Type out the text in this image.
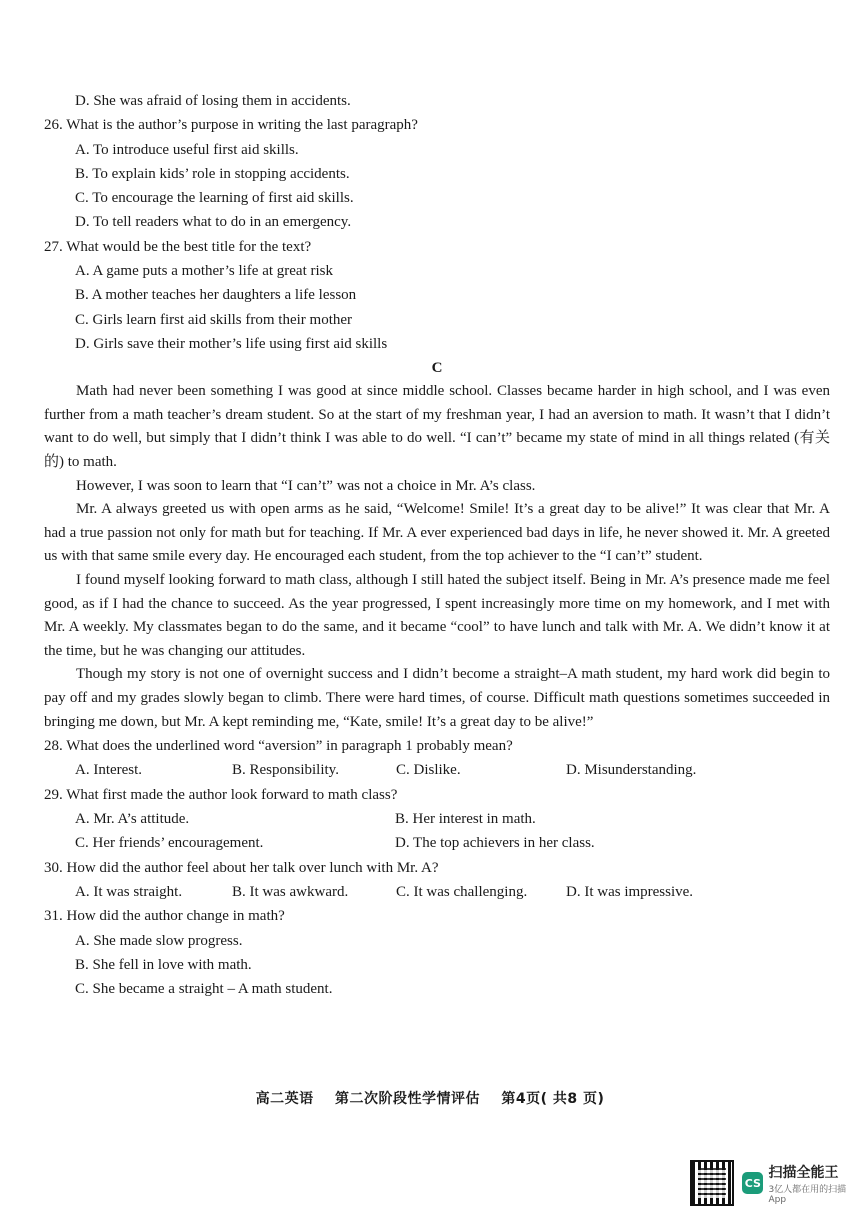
D. She was afraid of losing them in accidents.
26. What is the author’s purpose in writing the last paragraph?
A. To introduce useful first aid skills.
B. To explain kids’ role in stopping accidents.
C. To encourage the learning of first aid skills.
D. To tell readers what to do in an emergency.
27. What would be the best title for the text?
A. A game puts a mother’s life at great risk
B. A mother teaches her daughters a life lesson
C. Girls learn first aid skills from their mother
D. Girls save their mother’s life using first aid skills
C

Math had never been something I was good at since middle school. Classes became harder in high school, and I was even further from a math teacher’s dream student. So at the start of my freshman year, I had an aversion to math. It wasn’t that I didn’t want to do well, but simply that I didn’t think I was able to do well. “I can’t” became my state of mind in all things related (有关的) to math.

However, I was soon to learn that “I can’t” was not a choice in Mr. A’s class.

Mr. A always greeted us with open arms as he said, “Welcome! Smile! It’s a great day to be alive!” It was clear that Mr. A had a true passion not only for math but for teaching. If Mr. A ever experienced bad days in life, he never showed it. Mr. A greeted us with that same smile every day. He encouraged each student, from the top achiever to the “I can’t” student.

I found myself looking forward to math class, although I still hated the subject itself. Being in Mr. A’s presence made me feel good, as if I had the chance to succeed. As the year progressed, I spent increasingly more time on my homework, and I met with Mr. A weekly. My classmates began to do the same, and it became “cool” to have lunch and talk with Mr. A. We didn’t know it at the time, but he was changing our attitudes.

Though my story is not one of overnight success and I didn’t become a straight–A math student, my hard work did begin to pay off and my grades slowly began to climb. There were hard times, of course. Difficult math questions sometimes succeeded in bringing me down, but Mr. A kept reminding me, “Kate, smile! It’s a great day to be alive!”

28. What does the underlined word “aversion” in paragraph 1 probably mean?
A. Interest.	B. Responsibility.	C. Dislike.	D. Misunderstanding.
29. What first made the author look forward to math class?
A. Mr. A’s attitude.	B. Her interest in math.
C. Her friends’ encouragement.	D. The top achievers in her class.
30. How did the author feel about her talk over lunch with Mr. A?
A. It was straight.	B. It was awkward.	C. It was challenging.	D. It was impressive.
31. How did the author change in math?
A. She made slow progress.
B. She fell in love with math.
C. She became a straight – A math student.
高二英语 第二次阶段性学情评估 第4页( 共8 页)
CS
扫描全能王
3亿人都在用的扫描App
